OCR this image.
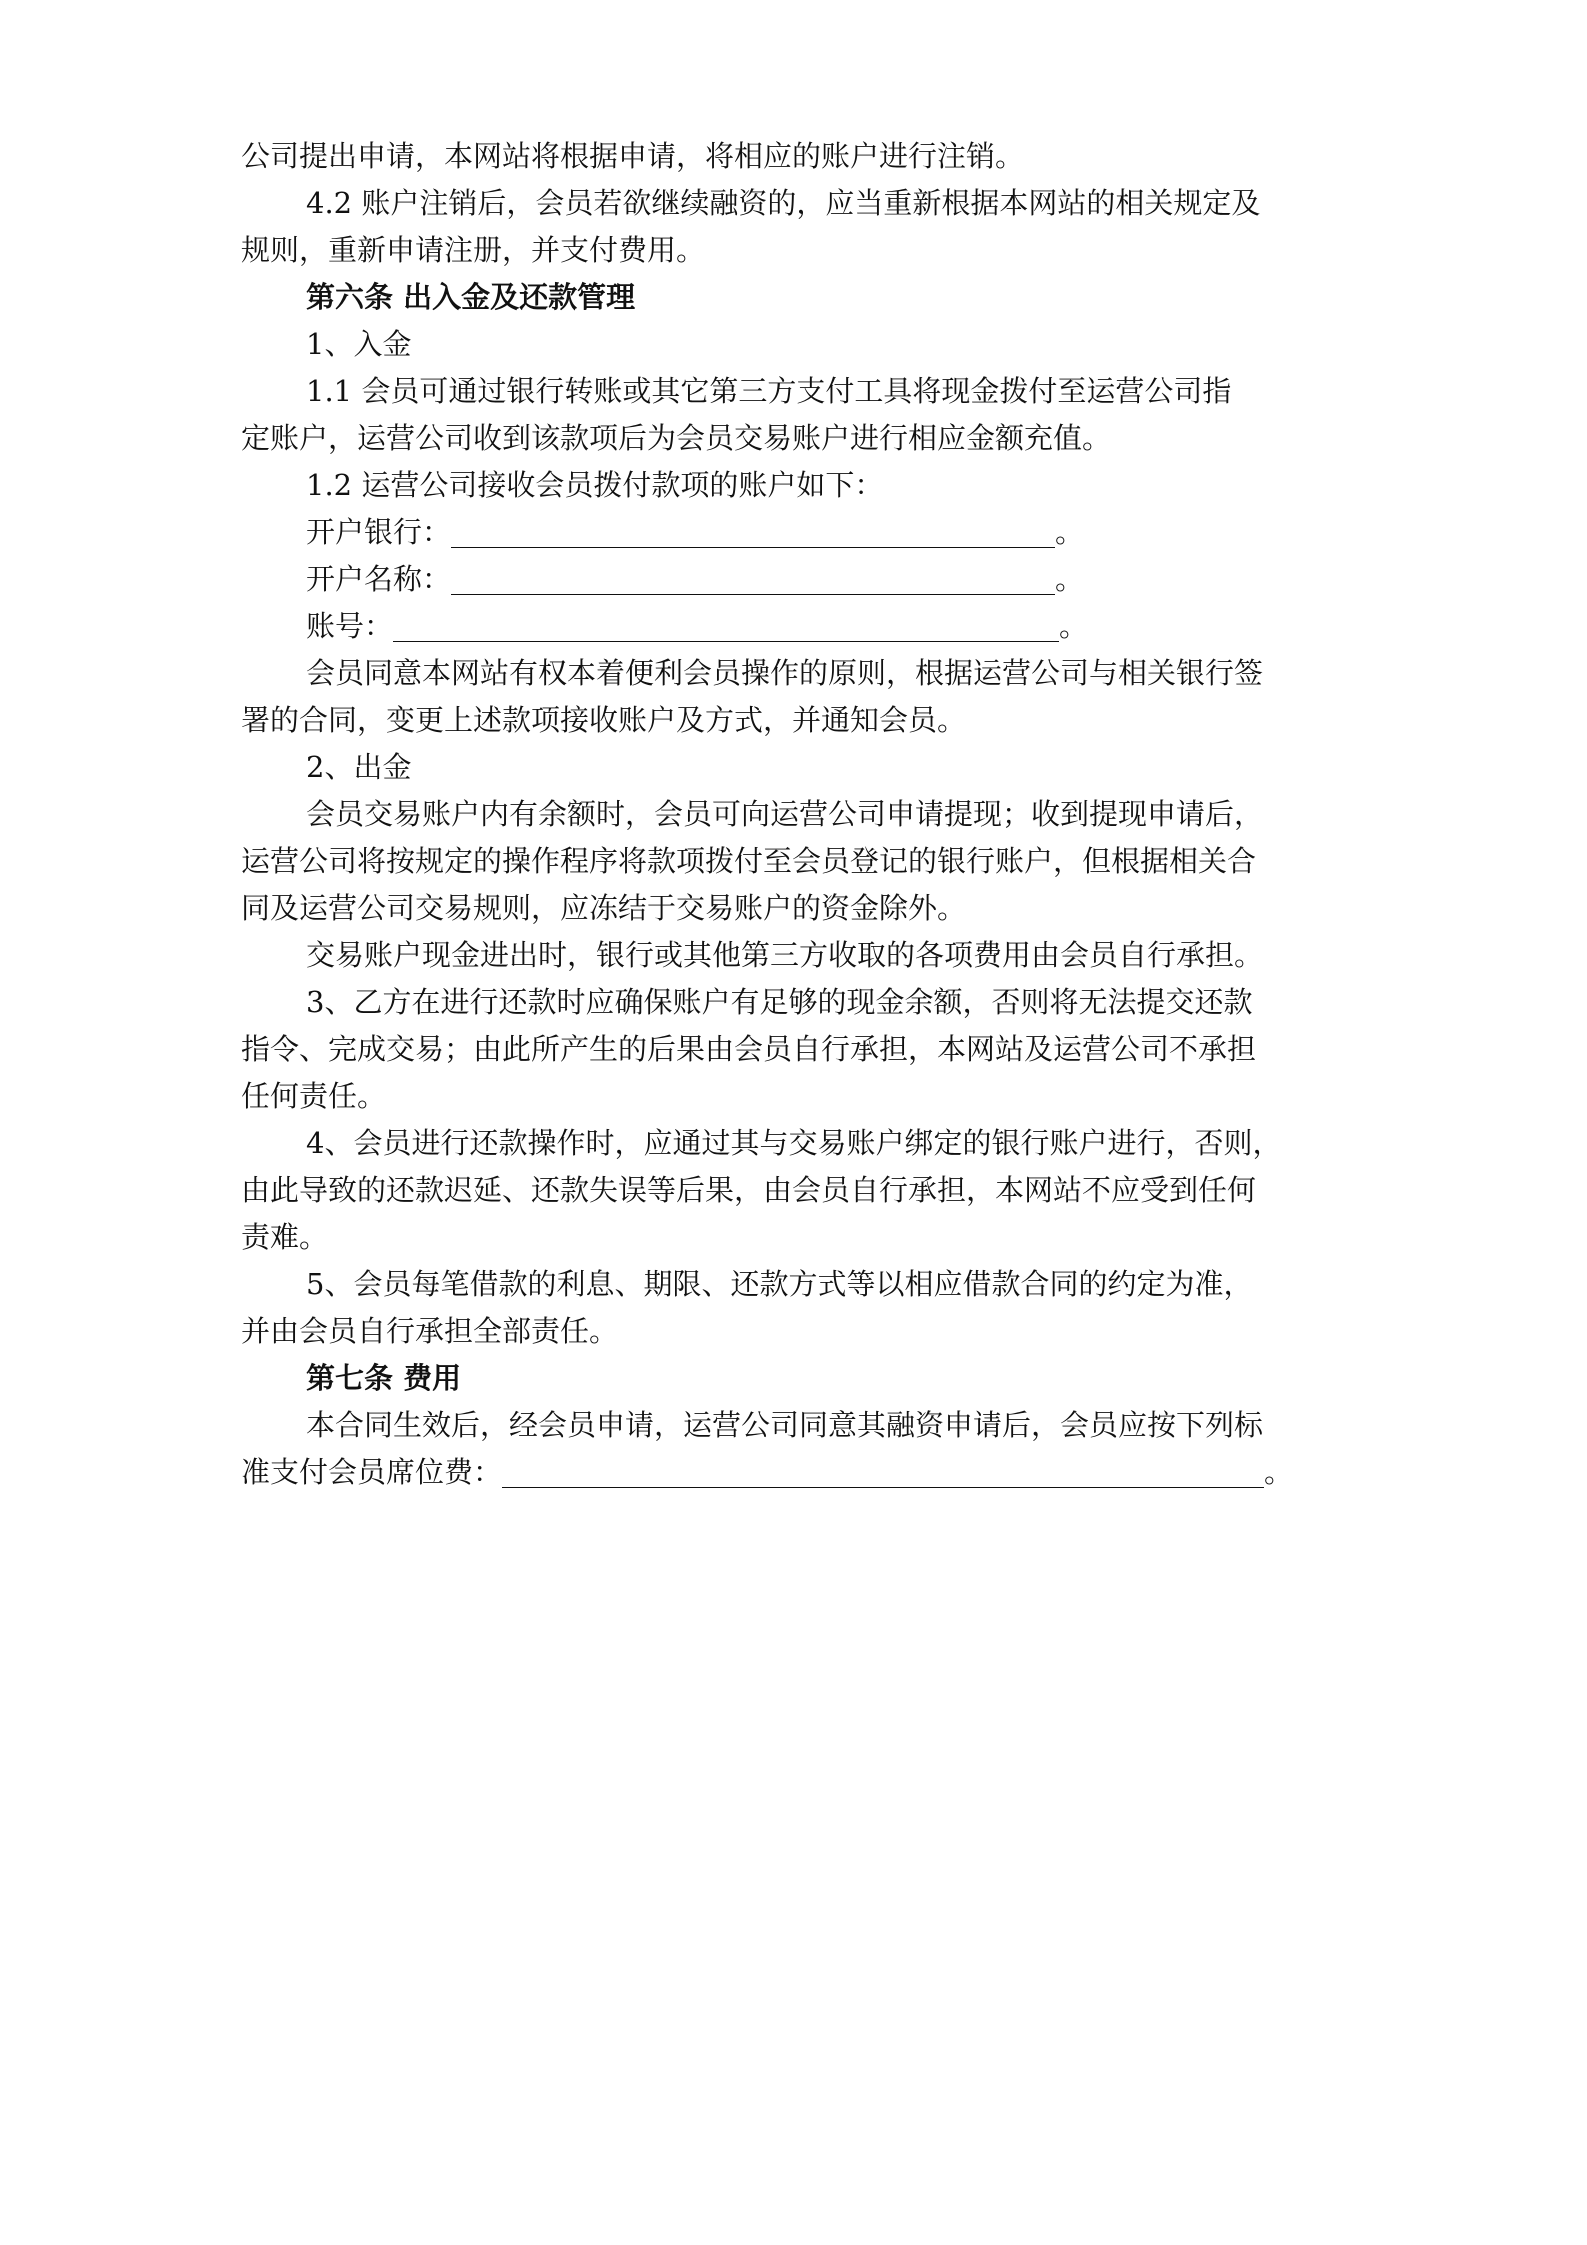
公司提出申请，本网站将根据申请，将相应的账户进行注销。
4.2 账户注销后，会员若欲继续融资的，应当重新根据本网站的相关规定及
规则，重新申请注册，并支付费用。
第六条 出入金及还款管理
1、入金
1.1 会员可通过银行转账或其它第三方支付工具将现金拨付至运营公司指
定账户，运营公司收到该款项后为会员交易账户进行相应金额充值。
1.2 运营公司接收会员拨付款项的账户如下：
开户银行：	。
开户名称：	。
账号：	。
会员同意本网站有权本着便利会员操作的原则，根据运营公司与相关银行签
署的合同，变更上述款项接收账户及方式，并通知会员。
2、出金
会员交易账户内有余额时，会员可向运营公司申请提现；收到提现申请后，
运营公司将按规定的操作程序将款项拨付至会员登记的银行账户，但根据相关合
同及运营公司交易规则，应冻结于交易账户的资金除外。
交易账户现金进出时，银行或其他第三方收取的各项费用由会员自行承担。
3、乙方在进行还款时应确保账户有足够的现金余额，否则将无法提交还款
指令、完成交易；由此所产生的后果由会员自行承担，本网站及运营公司不承担
任何责任。
4、会员进行还款操作时，应通过其与交易账户绑定的银行账户进行，否则，
由此导致的还款迟延、还款失误等后果，由会员自行承担，本网站不应受到任何
责难。
5、会员每笔借款的利息、期限、还款方式等以相应借款合同的约定为准，
并由会员自行承担全部责任。
第七条 费用
本合同生效后，经会员申请，运营公司同意其融资申请后，会员应按下列标
准支付会员席位费：	。
